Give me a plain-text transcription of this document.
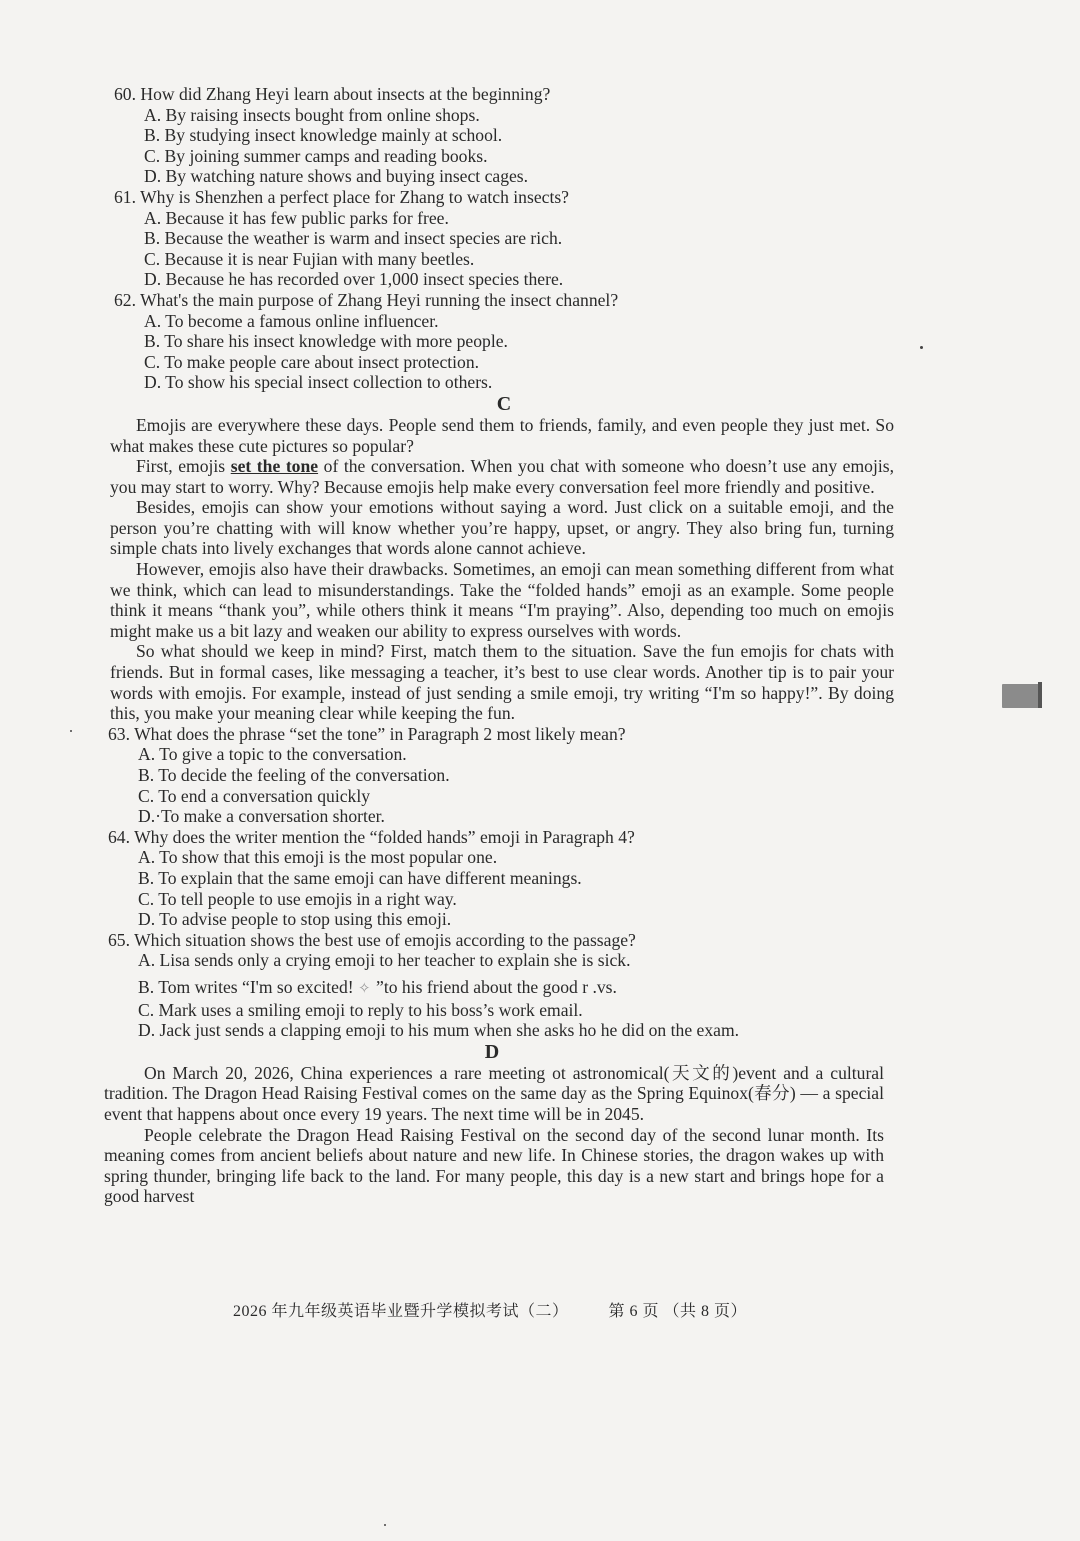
60. How did Zhang Heyi learn about insects at the beginning?
A. By raising insects bought from online shops.
B. By studying insect knowledge mainly at school.
C. By joining summer camps and reading books.
D. By watching nature shows and buying insect cages.
61. Why is Shenzhen a perfect place for Zhang to watch insects?
A. Because it has few public parks for free.
B. Because the weather is warm and insect species are rich.
C. Because it is near Fujian with many beetles.
D. Because he has recorded over 1,000 insect species there.
62. What's the main purpose of Zhang Heyi running the insect channel?
A. To become a famous online influencer.
B. To share his insect knowledge with more people.
C. To make people care about insect protection.
D. To show his special insect collection to others.
C
Emojis are everywhere these days. People send them to friends, family, and even people they just met. So what makes these cute pictures so popular?
First, emojis set the tone of the conversation. When you chat with someone who doesn’t use any emojis, you may start to worry. Why? Because emojis help make every conversation feel more friendly and positive.
Besides, emojis can show your emotions without saying a word. Just click on a suitable emoji, and the person you’re chatting with will know whether you’re happy, upset, or angry. They also bring fun, turning simple chats into lively exchanges that words alone cannot achieve.
However, emojis also have their drawbacks. Sometimes, an emoji can mean something different from what we think, which can lead to misunderstandings. Take the “folded hands” emoji as an example. Some people think it means “thank you”, while others think it means “I'm praying”. Also, depending too much on emojis might make us a bit lazy and weaken our ability to express ourselves with words.
So what should we keep in mind? First, match them to the situation. Save the fun emojis for chats with friends. But in formal cases, like messaging a teacher, it’s best to use clear words. Another tip is to pair your words with emojis. For example, instead of just sending a smile emoji, try writing “I'm so happy!”. By doing this, you make your meaning clear while keeping the fun.
63. What does the phrase “set the tone” in Paragraph 2 most likely mean?
A. To give a topic to the conversation.
B. To decide the feeling of the conversation.
C. To end a conversation quickly
D.·To make a conversation shorter.
64. Why does the writer mention the “folded hands” emoji in Paragraph 4?
A. To show that this emoji is the most popular one.
B. To explain that the same emoji can have different meanings.
C. To tell people to use emojis in a right way.
D. To advise people to stop using this emoji.
65. Which situation shows the best use of emojis according to the passage?
A. Lisa sends only a crying emoji to her teacher to explain she is sick.
B. Tom writes “I'm so excited! ✧ ”to his friend about the good r .vs.
C. Mark uses a smiling emoji to reply to his boss’s work email.
D. Jack just sends a clapping emoji to his mum when she asks ho he did on the exam.
D
On March 20, 2026, China experiences a rare meeting ot astronomical(天文的)event and a cultural tradition. The Dragon Head Raising Festival comes on the same day as the Spring Equinox(春分) — a special event that happens about once every 19 years. The next time will be in 2045.
People celebrate the Dragon Head Raising Festival on the second day of the second lunar month. Its meaning comes from ancient beliefs about nature and new life. In Chinese stories, the dragon wakes up with spring thunder, bringing life back to the land. For many people, this day is a new start and brings hope for a good harvest
2026 年九年级英语毕业暨升学模拟考试（二）	第 6 页 （共 8 页）
